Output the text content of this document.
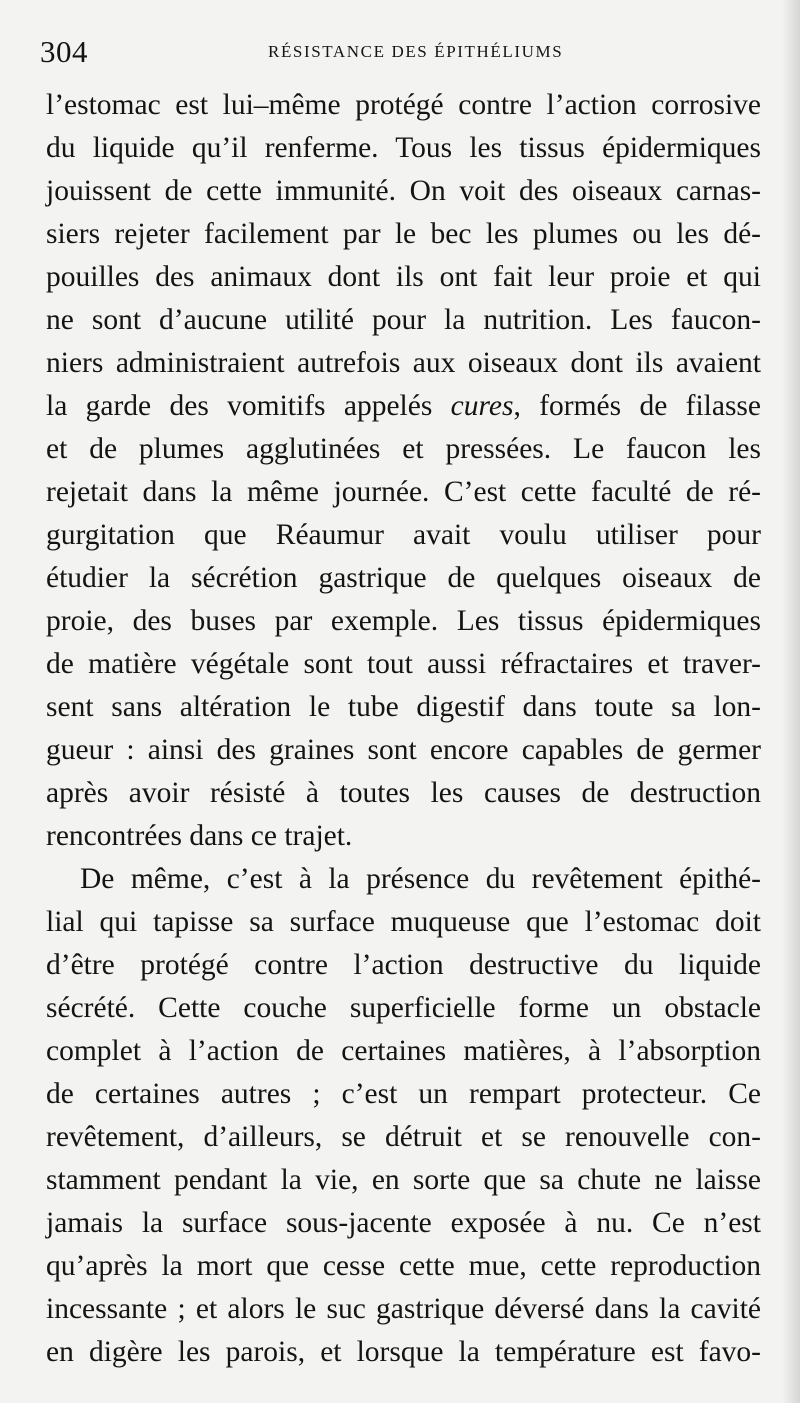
304	RÉSISTANCE DES ÉPITHÉLIUMS
l’estomac est lui–même protégé contre l’action corrosive
du liquide qu’il renferme. Tous les tissus épidermiques
jouissent de cette immunité. On voit des oiseaux carnas-
siers rejeter facilement par le bec les plumes ou les dé-
pouilles des animaux dont ils ont fait leur proie et qui
ne sont d’aucune utilité pour la nutrition. Les faucon-
niers administraient autrefois aux oiseaux dont ils avaient
la garde des vomitifs appelés cures, formés de filasse
et de plumes agglutinées et pressées. Le faucon les
rejetait dans la même journée. C’est cette faculté de ré-
gurgitation que Réaumur avait voulu utiliser pour
étudier la sécrétion gastrique de quelques oiseaux de
proie, des buses par exemple. Les tissus épidermiques
de matière végétale sont tout aussi réfractaires et traver-
sent sans altération le tube digestif dans toute sa lon-
gueur : ainsi des graines sont encore capables de germer
après avoir résisté à toutes les causes de destruction
rencontrées dans ce trajet.
De même, c’est à la présence du revêtement épithé-
lial qui tapisse sa surface muqueuse que l’estomac doit
d’être protégé contre l’action destructive du liquide
sécrété. Cette couche superficielle forme un obstacle
complet à l’action de certaines matières, à l’absorption
de certaines autres ; c’est un rempart protecteur. Ce
revêtement, d’ailleurs, se détruit et se renouvelle con-
stamment pendant la vie, en sorte que sa chute ne laisse
jamais la surface sous-jacente exposée à nu. Ce n’est
qu’après la mort que cesse cette mue, cette reproduction
incessante ; et alors le suc gastrique déversé dans la cavité
en digère les parois, et lorsque la température est favo-
